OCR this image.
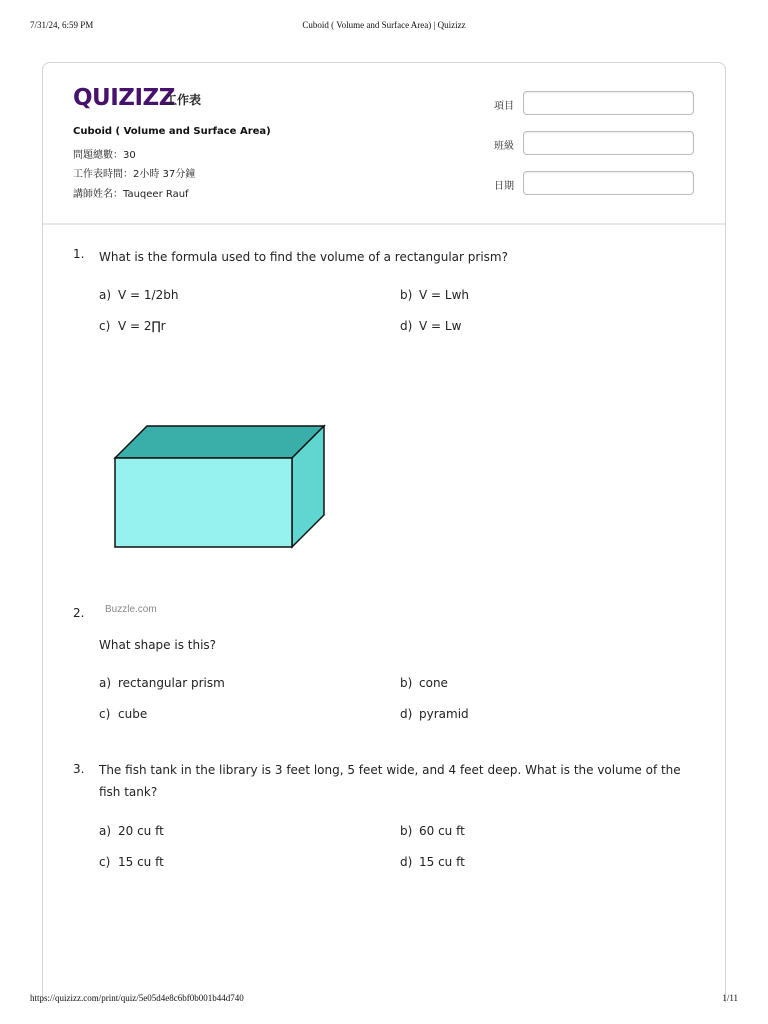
7/31/24, 6:59 PM	Cuboid ( Volume and Surface Area) | Quizizz
QUIZIZZ
工作表
Cuboid ( Volume and Surface Area)
問題總數：30
工作表時間：2小時 37分鐘
講師姓名：Tauqeer Rauf
項目
班級
日期
1. What is the formula used to find the volume of a rectangular prism?
a) V = 1/2bh	b) V = Lwh
c) V = 2∏r	d) V = Lw
Buzzle.com
2.
What shape is this?
a) rectangular prism	b) cone
c) cube	d) pyramid
3. The fish tank in the library is 3 feet long, 5 feet wide, and 4 feet deep. What is the volume of the fish tank?
a) 20 cu ft	b) 60 cu ft
c) 15 cu ft	d) 15 cu ft
https://quizizz.com/print/quiz/5e05d4e8c6bf0b001b44d740	1/11
